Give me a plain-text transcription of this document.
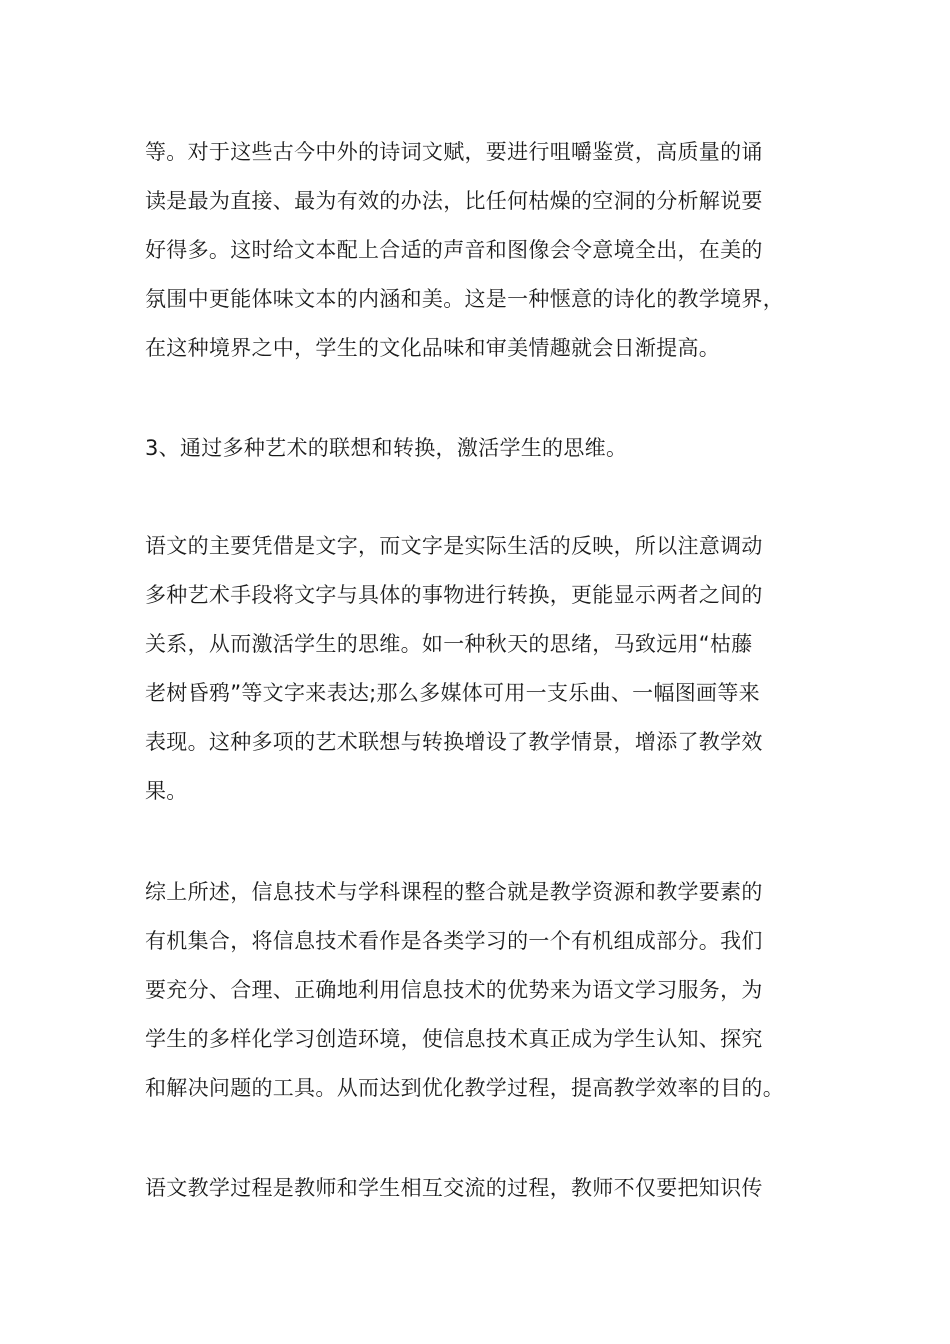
等。对于这些古今中外的诗词文赋，要进行咀嚼鉴赏，高质量的诵
读是最为直接、最为有效的办法，比任何枯燥的空洞的分析解说要
好得多。这时给文本配上合适的声音和图像会令意境全出，在美的
氛围中更能体味文本的内涵和美。这是一种惬意的诗化的教学境界，
在这种境界之中，学生的文化品味和审美情趣就会日渐提高。
3、通过多种艺术的联想和转换，激活学生的思维。
语文的主要凭借是文字，而文字是实际生活的反映，所以注意调动
多种艺术手段将文字与具体的事物进行转换，更能显示两者之间的
关系，从而激活学生的思维。如一种秋天的思绪，马致远用“枯藤
老树昏鸦”等文字来表达;那么多媒体可用一支乐曲、一幅图画等来
表现。这种多项的艺术联想与转换增设了教学情景，增添了教学效
果。
综上所述，信息技术与学科课程的整合就是教学资源和教学要素的
有机集合，将信息技术看作是各类学习的一个有机组成部分。我们
要充分、合理、正确地利用信息技术的优势来为语文学习服务，为
学生的多样化学习创造环境，使信息技术真正成为学生认知、探究
和解决问题的工具。从而达到优化教学过程，提高教学效率的目的。
语文教学过程是教师和学生相互交流的过程，教师不仅要把知识传
